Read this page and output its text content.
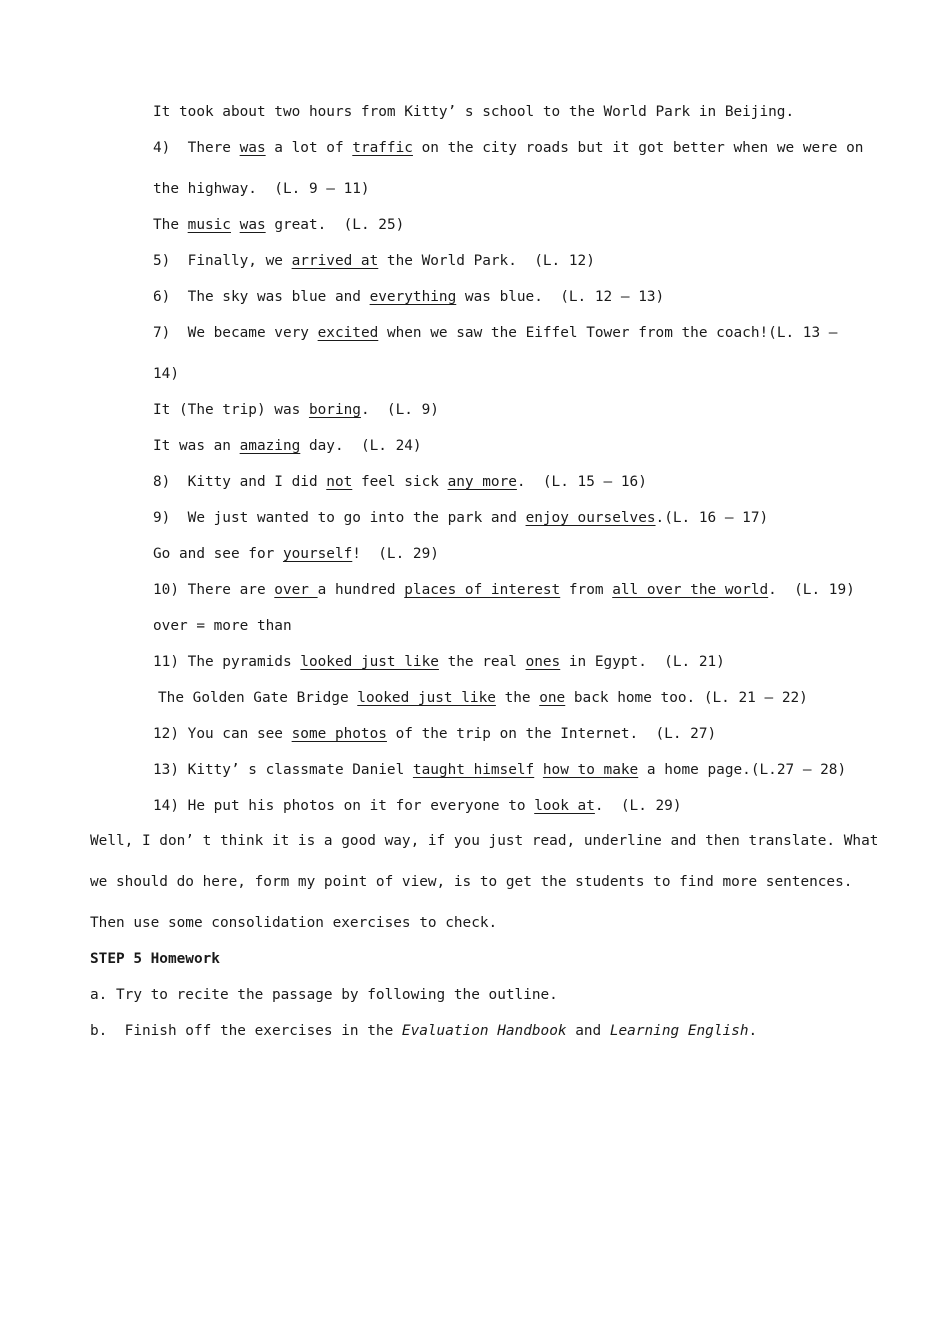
It took about two hours from Kitty’ s school to the World Park in Beijing.
4)  There was a lot of traffic on the city roads but it got better when we were on
the highway.  (L. 9 – 11)
The music was great.  (L. 25)
5)  Finally, we arrived at the World Park.  (L. 12)
6)  The sky was blue and everything was blue.  (L. 12 – 13)
7)  We became very excited when we saw the Eiffel Tower from the coach!(L. 13 –
14)
It (The trip) was boring.  (L. 9)
It was an amazing day.  (L. 24)
8)  Kitty and I did not feel sick any more.  (L. 15 – 16)
9)  We just wanted to go into the park and enjoy ourselves.(L. 16 – 17)
Go and see for yourself!  (L. 29)
10) There are over a hundred places of interest from all over the world.  (L. 19)
over = more than
11) The pyramids looked just like the real ones in Egypt.  (L. 21)
The Golden Gate Bridge looked just like the one back home too. (L. 21 – 22)
12) You can see some photos of the trip on the Internet.  (L. 27)
13) Kitty’ s classmate Daniel taught himself how to make a home page.(L.27 – 28)
14) He put his photos on it for everyone to look at.  (L. 29)
Well, I don’ t think it is a good way, if you just read, underline and then translate. What
we should do here, form my point of view, is to get the students to find more sentences.
Then use some consolidation exercises to check.
STEP 5 Homework
a. Try to recite the passage by following the outline.
b.  Finish off the exercises in the Evaluation Handbook and Learning English.
